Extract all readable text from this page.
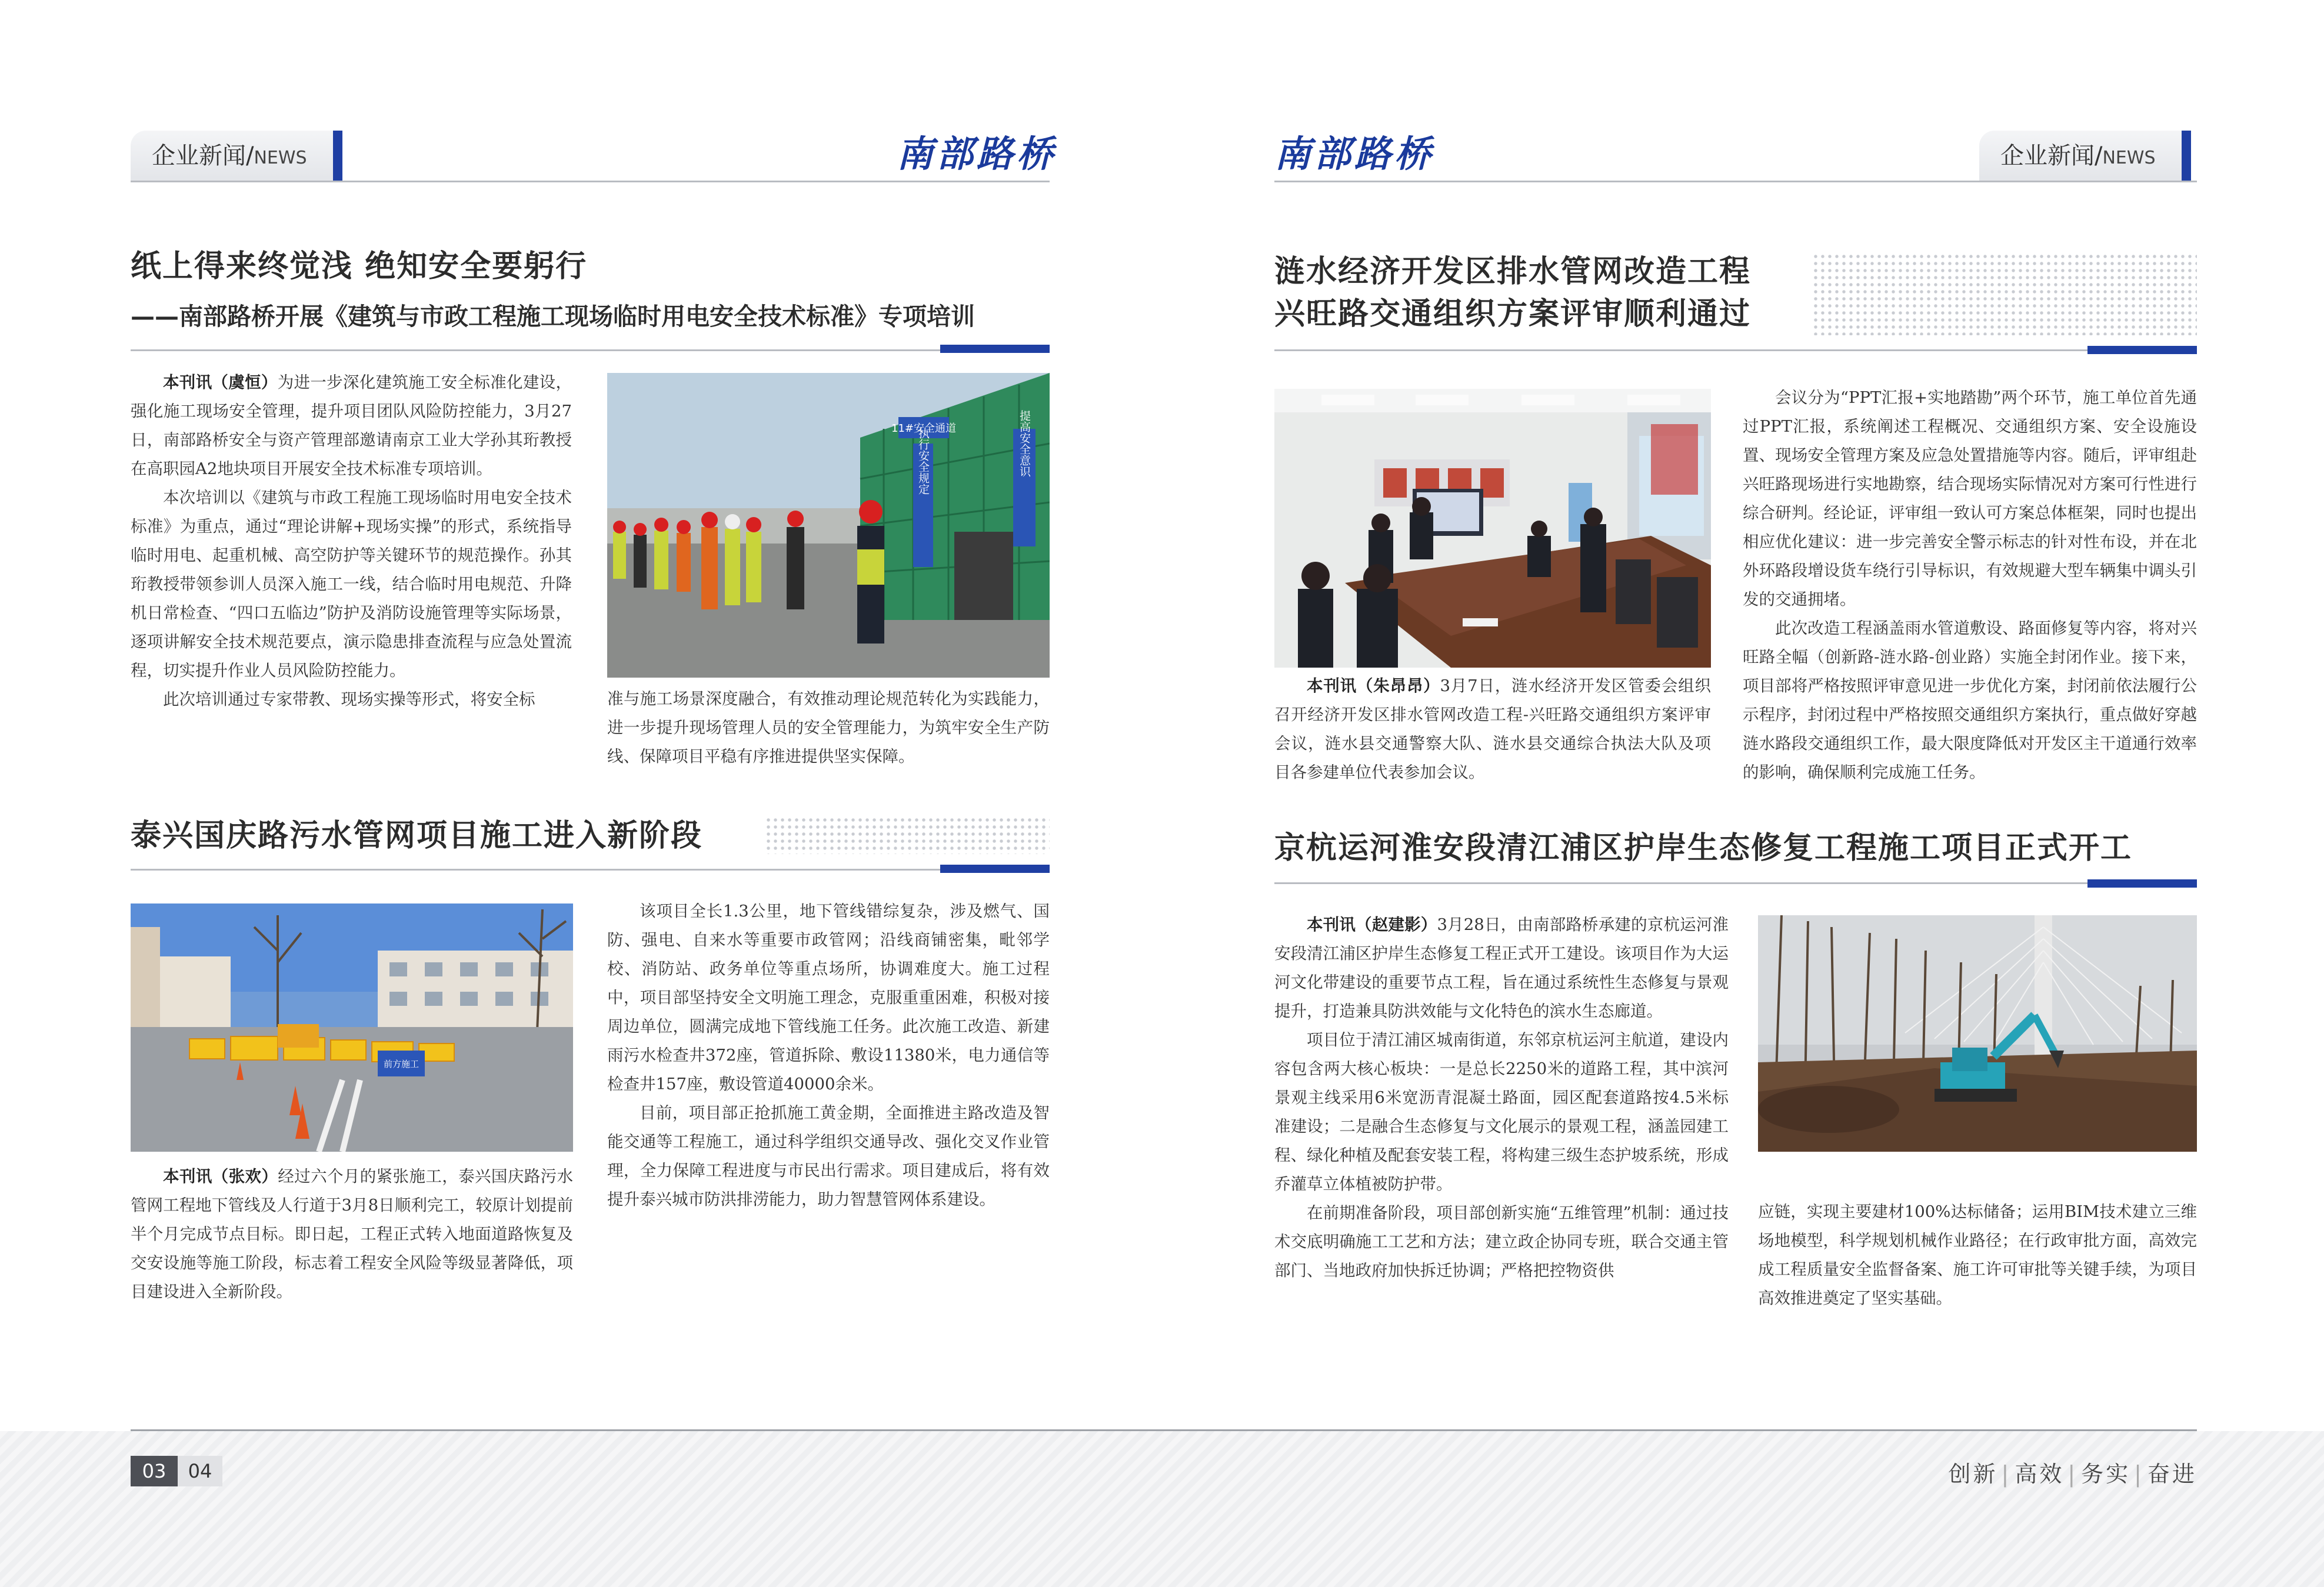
企业新闻/NEWS	南部路桥	南部路桥	企业新闻/NEWS
纸上得来终觉浅 绝知安全要躬行
——南部路桥开展《建筑与市政工程施工现场临时用电安全技术标准》专项培训

本刊讯（虞恒）为进一步深化建筑施工安全标准化建设，强化施工现场安全管理，提升项目团队风险防控能力，3月27日，南部路桥安全与资产管理部邀请南京工业大学孙其珩教授在高职园A2地块项目开展安全技术标准专项培训。

本次培训以《建筑与市政工程施工现场临时用电安全技术标准》为重点，通过“理论讲解+现场实操”的形式，系统指导临时用电、起重机械、高空防护等关键环节的规范操作。孙其珩教授带领参训人员深入施工一线，结合临时用电规范、升降机日常检查、“四口五临边”防护及消防设施管理等实际场景，逐项讲解安全技术规范要点，演示隐患排查流程与应急处置流程，切实提升作业人员风险防控能力。

此次培训通过专家带教、现场实操等形式，将安全标

11#安全通道
执行安全规定	提高安全意识

准与施工场景深度融合，有效推动理论规范转化为实践能力，进一步提升现场管理人员的安全管理能力，为筑牢安全生产防线、保障项目平稳有序推进提供坚实保障。

泰兴国庆路污水管网项目施工进入新阶段
前方施工

本刊讯（张欢）经过六个月的紧张施工，泰兴国庆路污水管网工程地下管线及人行道于3月8日顺利完工，较原计划提前半个月完成节点目标。即日起，工程正式转入地面道路恢复及交安设施等施工阶段，标志着工程安全风险等级显著降低，项目建设进入全新阶段。

该项目全长1.3公里，地下管线错综复杂，涉及燃气、国防、强电、自来水等重要市政管网；沿线商铺密集，毗邻学校、消防站、政务单位等重点场所，协调难度大。施工过程中，项目部坚持安全文明施工理念，克服重重困难，积极对接周边单位，圆满完成地下管线施工任务。此次施工改造、新建雨污水检查井372座，管道拆除、敷设11380米，电力通信等检查井157座，敷设管道40000余米。

目前，项目部正抢抓施工黄金期，全面推进主路改造及智能交通等工程施工，通过科学组织交通导改、强化交叉作业管理，全力保障工程进度与市民出行需求。项目建成后，将有效提升泰兴城市防洪排涝能力，助力智慧管网体系建设。

涟水经济开发区排水管网改造工程
兴旺路交通组织方案评审顺利通过

本刊讯（朱昂昂）3月7日，涟水经济开发区管委会组织召开经济开发区排水管网改造工程-兴旺路交通组织方案评审会议，涟水县交通警察大队、涟水县交通综合执法大队及项目各参建单位代表参加会议。

会议分为“PPT汇报+实地踏勘”两个环节，施工单位首先通过PPT汇报，系统阐述工程概况、交通组织方案、安全设施设置、现场安全管理方案及应急处置措施等内容。随后，评审组赴兴旺路现场进行实地勘察，结合现场实际情况对方案可行性进行综合研判。经论证，评审组一致认可方案总体框架，同时也提出相应优化建议：进一步完善安全警示标志的针对性布设，并在北外环路段增设货车绕行引导标识，有效规避大型车辆集中调头引发的交通拥堵。

此次改造工程涵盖雨水管道敷设、路面修复等内容，将对兴旺路全幅（创新路-涟水路-创业路）实施全封闭作业。接下来，项目部将严格按照评审意见进一步优化方案，封闭前依法履行公示程序，封闭过程中严格按照交通组织方案执行，重点做好穿越涟水路段交通组织工作，最大限度降低对开发区主干道通行效率的影响，确保顺利完成施工任务。

京杭运河淮安段清江浦区护岸生态修复工程施工项目正式开工

本刊讯（赵建影）3月28日，由南部路桥承建的京杭运河淮安段清江浦区护岸生态修复工程正式开工建设。该项目作为大运河文化带建设的重要节点工程，旨在通过系统性生态修复与景观提升，打造兼具防洪效能与文化特色的滨水生态廊道。

项目位于清江浦区城南街道，东邻京杭运河主航道，建设内容包含两大核心板块：一是总长2250米的道路工程，其中滨河景观主线采用6米宽沥青混凝土路面，园区配套道路按4.5米标准建设；二是融合生态修复与文化展示的景观工程，涵盖园建工程、绿化种植及配套安装工程，将构建三级生态护坡系统，形成乔灌草立体植被防护带。

在前期准备阶段，项目部创新实施“五维管理”机制：通过技术交底明确施工工艺和方法；建立政企协同专班，联合交通主管部门、当地政府加快拆迁协调；严格把控物资供

应链，实现主要建材100%达标储备；运用BIM技术建立三维场地模型，科学规划机械作业路径；在行政审批方面，高效完成工程质量安全监督备案、施工许可审批等关键手续，为项目高效推进奠定了坚实基础。

03	04	创新 | 高效 | 务实 | 奋进
